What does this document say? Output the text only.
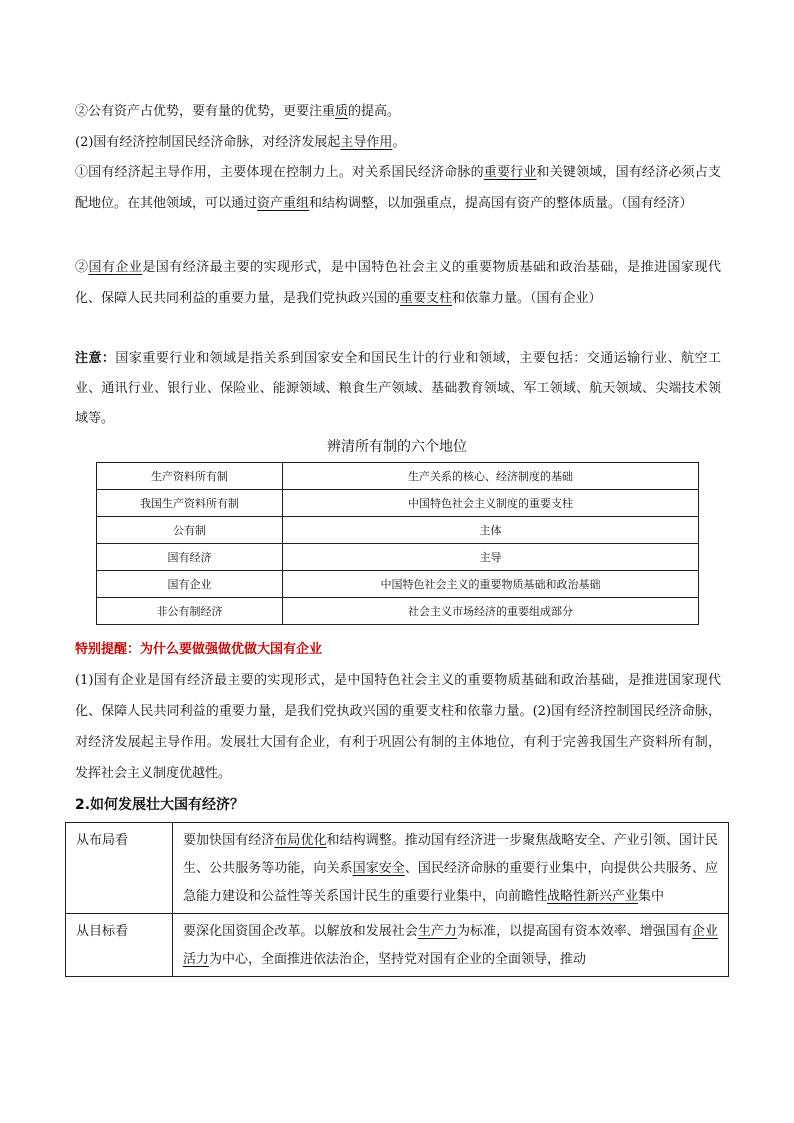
②公有资产占优势，要有量的优势，更要注重质的提高。
(2)国有经济控制国民经济命脉，对经济发展起主导作用。
①国有经济起主导作用，主要体现在控制力上。对关系国民经济命脉的重要行业和关键领域，国有经济必须占支配地位。在其他领域，可以通过资产重组和结构调整，以加强重点，提高国有资产的整体质量。（国有经济）
②国有企业是国有经济最主要的实现形式，是中国特色社会主义的重要物质基础和政治基础，是推进国家现代化、保障人民共同利益的重要力量，是我们党执政兴国的重要支柱和依靠力量。（国有企业）
注意：国家重要行业和领域是指关系到国家安全和国民生计的行业和领域，主要包括：交通运输行业、航空工业、通讯行业、银行业、保险业、能源领域、粮食生产领域、基础教育领域、军工领域、航天领域、尖端技术领域等。
辨清所有制的六个地位
生产资料所有制	生产关系的核心、经济制度的基础
我国生产资料所有制	中国特色社会主义制度的重要支柱
公有制	主体
国有经济	主导
国有企业	中国特色社会主义的重要物质基础和政治基础
非公有制经济	社会主义市场经济的重要组成部分
特别提醒：为什么要做强做优做大国有企业
(1)国有企业是国有经济最主要的实现形式，是中国特色社会主义的重要物质基础和政治基础，是推进国家现代化、保障人民共同利益的重要力量，是我们党执政兴国的重要支柱和依靠力量。(2)国有经济控制国民经济命脉，对经济发展起主导作用。发展壮大国有企业，有利于巩固公有制的主体地位，有利于完善我国生产资料所有制，发挥社会主义制度优越性。
2.如何发展壮大国有经济？
从布局看	要加快国有经济布局优化和结构调整。推动国有经济进一步聚焦战略安全、产业引领、国计民生、公共服务等功能，向关系国家安全、国民经济命脉的重要行业集中，向提供公共服务、应急能力建设和公益性等关系国计民生的重要行业集中，向前瞻性战略性新兴产业集中
从目标看	要深化国资国企改革。以解放和发展社会生产力为标准，以提高国有资本效率、增强国有企业活力为中心，全面推进依法治企，坚持党对国有企业的全面领导，推动
